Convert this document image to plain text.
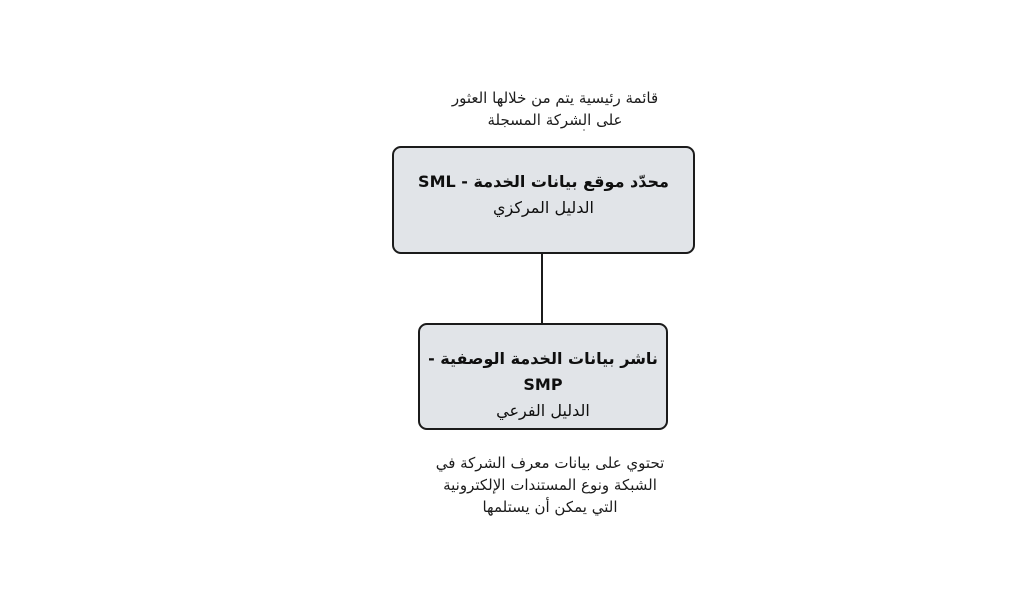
قائمة رئيسية يتم من خلالها العثور
على الشركة المسجلة
محدّد موقع بيانات الخدمة - SML
الدليل المركزي
ناشر بيانات الخدمة الوصفية - SMP
الدليل الفرعي
تحتوي على بيانات معرف الشركة في
الشبكة ونوع المستندات الإلكترونية
التي يمكن أن يستلمها
